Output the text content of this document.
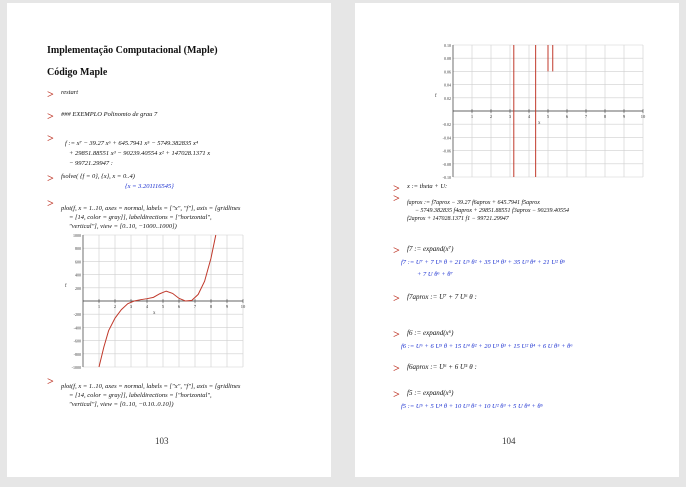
Implementação Computacional (Maple)
Código Maple
> restart
> ### EXEMPLO Polinomio de grau 7
> f := x⁷ − 39.27 x⁶ + 645.7941 x⁵ − 5749.382835 x⁴
+ 29851.88551 x³ − 90239.40554 x² + 147028.1371 x
− 99721.29947 :
> fsolve( {f = 0}, {x}, x = 0..4)
{x = 3.201116545}
> plot(f, x = 1..10, axes = normal, labels = ["x", "f"], axis = [gridlines
= [14, color = gray]], labeldirections = ["horizontal",
"vertical"], view = [0..10, −1000..1000])
1000
800
600
400
200
-200
-400
-600
-800
-1000
1	2	3	4	5	6	7	8	9	10
x
f
> plot(f, x = 1..10, axes = normal, labels = ["x", "f"], axis = [gridlines
= [14, color = gray]], labeldirections = ["horizontal",
"vertical"], view = [0..10, −0.10..0.10])
103
0.10
0.08
0.06
0.04
0.02
-0.02
-0.04
-0.06
-0.08
-0.10
1	2	3	4	5	6	7	8	9	10
x
f
> x := theta + U:
> faprox := f7aprox − 39.27 f6aprox + 645.7941 f5aprox
− 5749.382835 f4aprox + 29851.88551 f3aprox − 90239.40554
f2aprox + 147028.1371 f1 − 99721.29947
> f7 := expand(x⁷)
f7 := U⁷ + 7 U⁶ θ + 21 U⁵ θ² + 35 U⁴ θ³ + 35 U³ θ⁴ + 21 U² θ⁵
+ 7 U θ⁶ + θ⁷
> f7aprox := U⁷ + 7 U⁶ θ :
> f6 := expand(x⁶)
f6 := U⁶ + 6 U⁵ θ + 15 U⁴ θ² + 20 U³ θ³ + 15 U² θ⁴ + 6 U θ⁵ + θ⁶
> f6aprox := U⁶ + 6 U⁵ θ :
> f5 := expand(x⁵)
f5 := U⁵ + 5 U⁴ θ + 10 U³ θ² + 10 U² θ³ + 5 U θ⁴ + θ⁵
104
